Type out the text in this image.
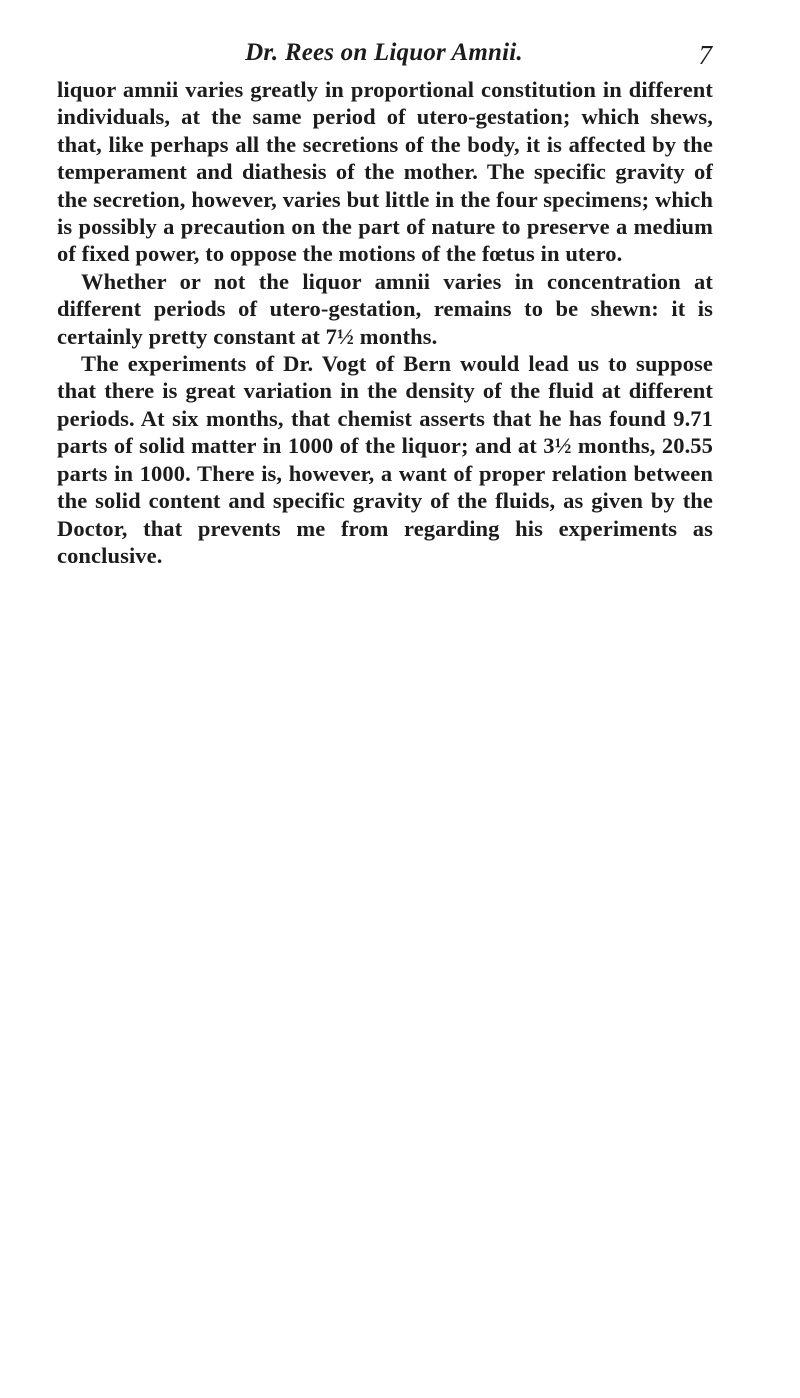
Dr. Rees on Liquor Amnii.	7

liquor amnii varies greatly in proportional constitution in different individuals, at the same period of utero-gestation; which shews, that, like perhaps all the secretions of the body, it is affected by the temperament and diathesis of the mother. The specific gravity of the secretion, however, varies but little in the four specimens; which is possibly a precaution on the part of nature to preserve a medium of fixed power, to oppose the motions of the fœtus in utero.

Whether or not the liquor amnii varies in concentration at different periods of utero-gestation, remains to be shewn: it is certainly pretty constant at 7½ months.

The experiments of Dr. Vogt of Bern would lead us to suppose that there is great variation in the density of the fluid at different periods. At six months, that chemist asserts that he has found 9.71 parts of solid matter in 1000 of the liquor; and at 3½ months, 20.55 parts in 1000. There is, however, a want of proper relation between the solid content and specific gravity of the fluids, as given by the Doctor, that prevents me from regarding his experiments as conclusive.
